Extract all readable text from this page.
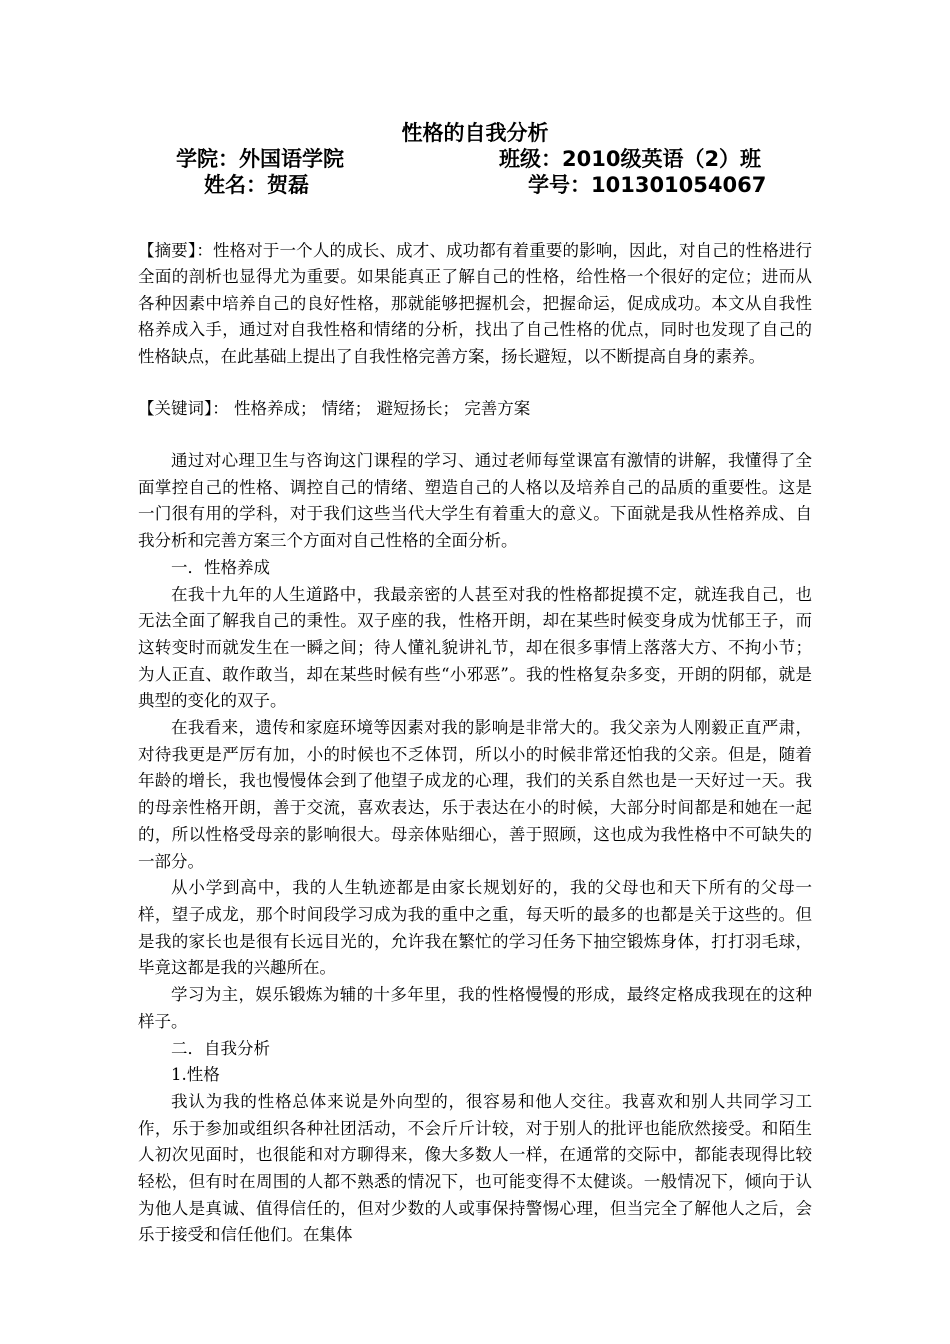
性格的自我分析
学院：外国语学院	班级：2010级英语（2）班
姓名：贺磊	学号：101301054067
【摘要】：性格对于一个人的成长、成才、成功都有着重要的影响，因此，对自己的性格进行全面的剖析也显得尤为重要。如果能真正了解自己的性格，给性格一个很好的定位；进而从各种因素中培养自己的良好性格，那就能够把握机会，把握命运，促成成功。本文从自我性格养成入手，通过对自我性格和情绪的分析，找出了自己性格的优点，同时也发现了自己的性格缺点，在此基础上提出了自我性格完善方案，扬长避短，以不断提高自身的素养。
【关键词】： 性格养成； 情绪； 避短扬长； 完善方案

通过对心理卫生与咨询这门课程的学习、通过老师每堂课富有激情的讲解，我懂得了全面掌控自己的性格、调控自己的情绪、塑造自己的人格以及培养自己的品质的重要性。这是一门很有用的学科，对于我们这些当代大学生有着重大的意义。下面就是我从性格养成、自我分析和完善方案三个方面对自己性格的全面分析。

一．性格养成

在我十九年的人生道路中，我最亲密的人甚至对我的性格都捉摸不定，就连我自己，也无法全面了解我自己的秉性。双子座的我，性格开朗，却在某些时候变身成为忧郁王子，而这转变时而就发生在一瞬之间；待人懂礼貌讲礼节，却在很多事情上落落大方、不拘小节；为人正直、敢作敢当，却在某些时候有些“小邪恶”。我的性格复杂多变，开朗的阴郁，就是典型的变化的双子。

在我看来，遗传和家庭环境等因素对我的影响是非常大的。我父亲为人刚毅正直严肃，对待我更是严厉有加，小的时候也不乏体罚，所以小的时候非常还怕我的父亲。但是，随着年龄的增长，我也慢慢体会到了他望子成龙的心理，我们的关系自然也是一天好过一天。我的母亲性格开朗，善于交流，喜欢表达，乐于表达在小的时候，大部分时间都是和她在一起的，所以性格受母亲的影响很大。母亲体贴细心，善于照顾，这也成为我性格中不可缺失的一部分。

从小学到高中，我的人生轨迹都是由家长规划好的，我的父母也和天下所有的父母一样，望子成龙，那个时间段学习成为我的重中之重，每天听的最多的也都是关于这些的。但是我的家长也是很有长远目光的，允许我在繁忙的学习任务下抽空锻炼身体，打打羽毛球，毕竟这都是我的兴趣所在。

学习为主，娱乐锻炼为辅的十多年里，我的性格慢慢的形成，最终定格成我现在的这种样子。

二．自我分析

1.性格

我认为我的性格总体来说是外向型的，很容易和他人交往。我喜欢和别人共同学习工作，乐于参加或组织各种社团活动，不会斤斤计较，对于别人的批评也能欣然接受。和陌生人初次见面时，也很能和对方聊得来，像大多数人一样，在通常的交际中，都能表现得比较轻松，但有时在周围的人都不熟悉的情况下，也可能变得不太健谈。一般情况下，倾向于认为他人是真诚、值得信任的，但对少数的人或事保持警惕心理，但当完全了解他人之后，会乐于接受和信任他们。在集体
